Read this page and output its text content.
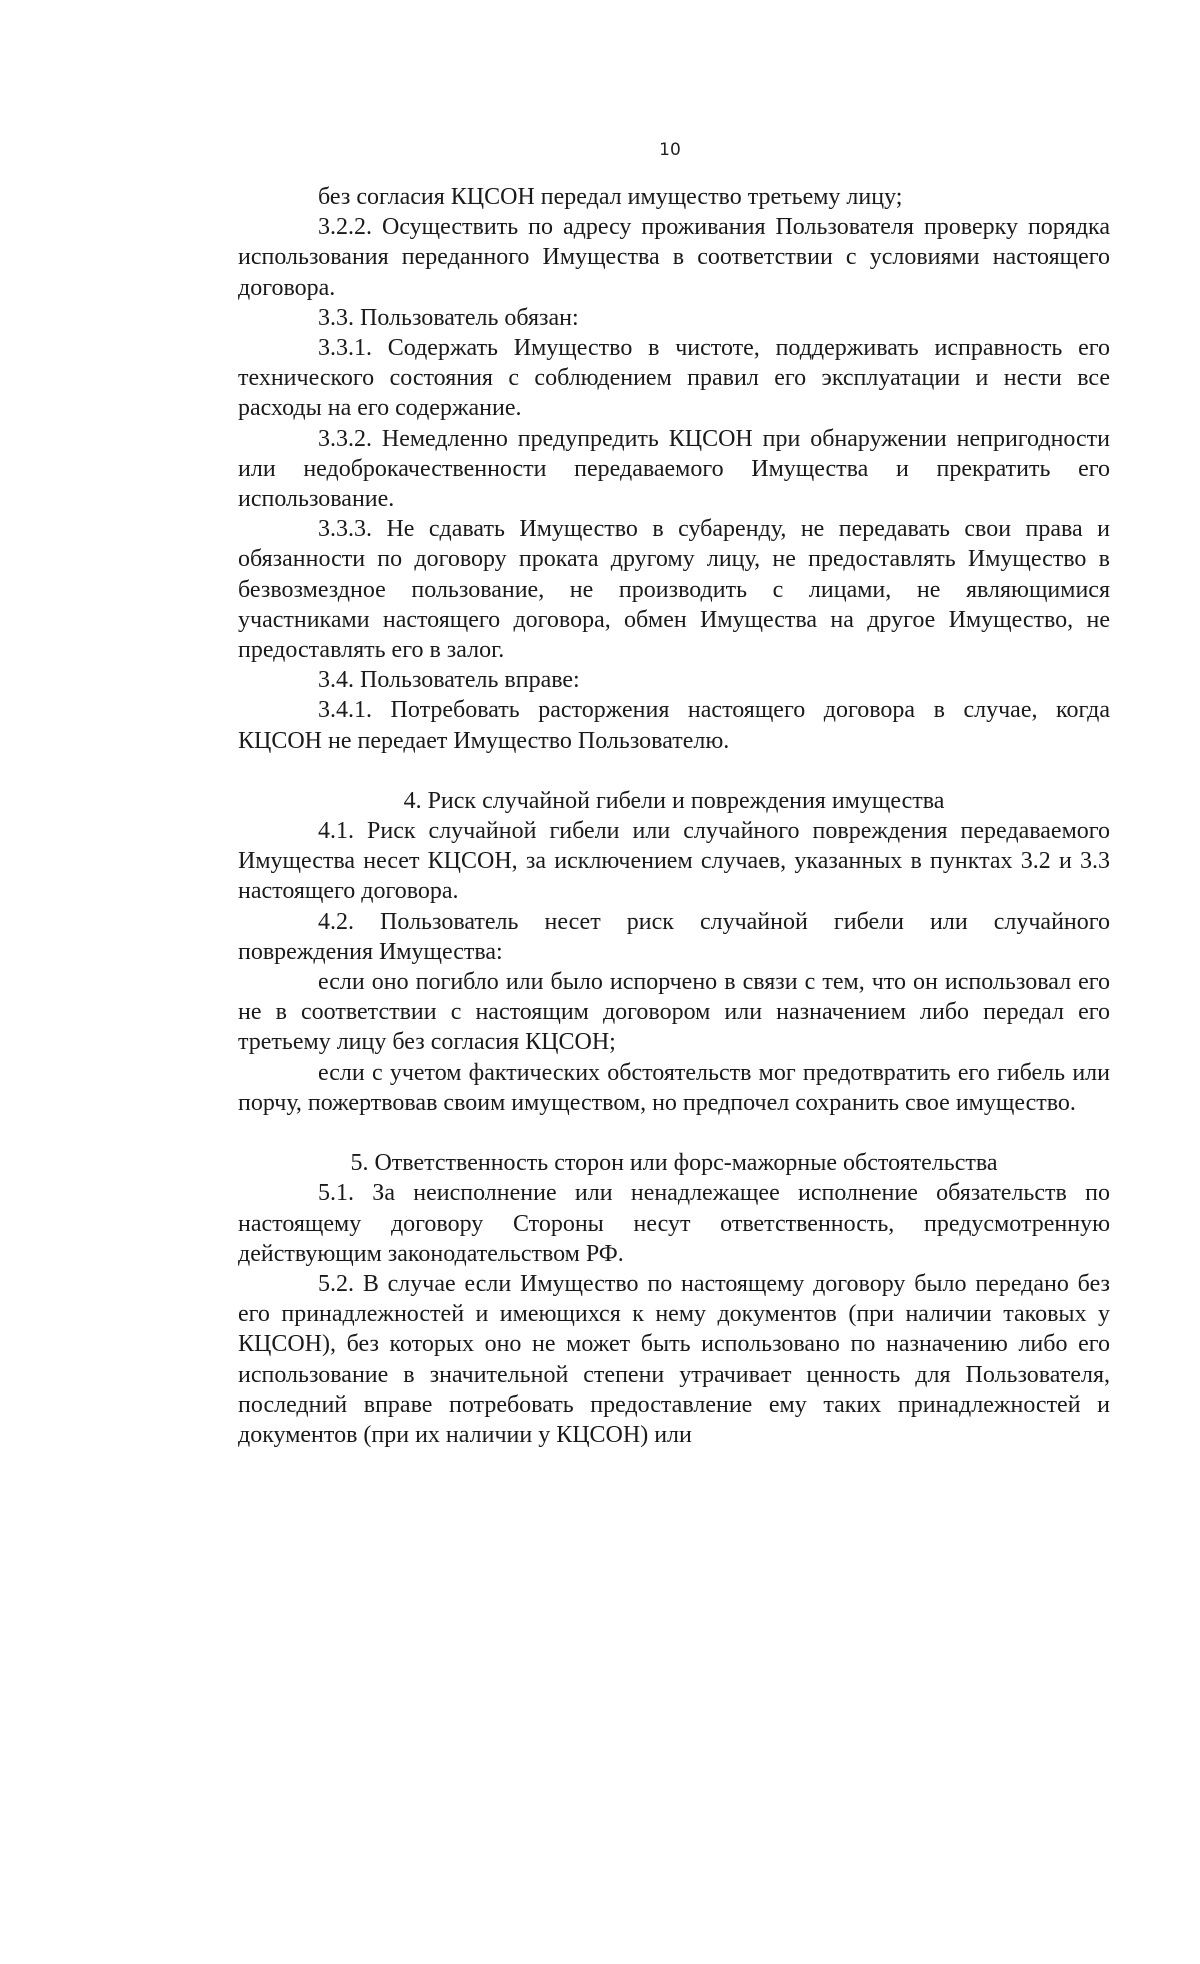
10

без согласия КЦСОН передал имущество третьему лицу;

3.2.2. Осуществить по адресу проживания Пользователя проверку порядка использования переданного Имущества в соответствии с условиями настоящего договора.

3.3. Пользователь обязан:

3.3.1. Содержать Имущество в чистоте, поддерживать исправность его технического состояния с соблюдением правил его эксплуатации и нести все расходы на его содержание.

3.3.2. Немедленно предупредить КЦСОН при обнаружении непригодности или недоброкачественности передаваемого Имущества и прекратить его использование.

3.3.3. Не сдавать Имущество в субаренду, не передавать свои права и обязанности по договору проката другому лицу, не предоставлять Имущество в безвозмездное пользование, не производить с лицами, не являющимися участниками настоящего договора, обмен Имущества на другое Имущество, не предоставлять его в залог.

3.4. Пользователь вправе:

3.4.1. Потребовать расторжения настоящего договора в случае, когда КЦСОН не передает Имущество Пользователю.

4. Риск случайной гибели и повреждения имущества

4.1. Риск случайной гибели или случайного повреждения передаваемого Имущества несет КЦСОН, за исключением случаев, указанных в пунктах 3.2 и 3.3 настоящего договора.

4.2. Пользователь несет риск случайной гибели или случайного повреждения Имущества:

если оно погибло или было испорчено в связи с тем, что он использовал его не в соответствии с настоящим договором или назначением либо передал его третьему лицу без согласия КЦСОН;

если с учетом фактических обстоятельств мог предотвратить его гибель или порчу, пожертвовав своим имуществом, но предпочел сохранить свое имущество.

5. Ответственность сторон или форс-мажорные обстоятельства

5.1. За неисполнение или ненадлежащее исполнение обязательств по настоящему договору Стороны несут ответственность, предусмотренную действующим законодательством РФ.

5.2. В случае если Имущество по настоящему договору было передано без его принадлежностей и имеющихся к нему документов (при наличии таковых у КЦСОН), без которых оно не может быть использовано по назначению либо его использование в значительной степени утрачивает ценность для Пользователя, последний вправе потребовать предоставление ему таких принадлежностей и документов (при их наличии у КЦСОН) или
